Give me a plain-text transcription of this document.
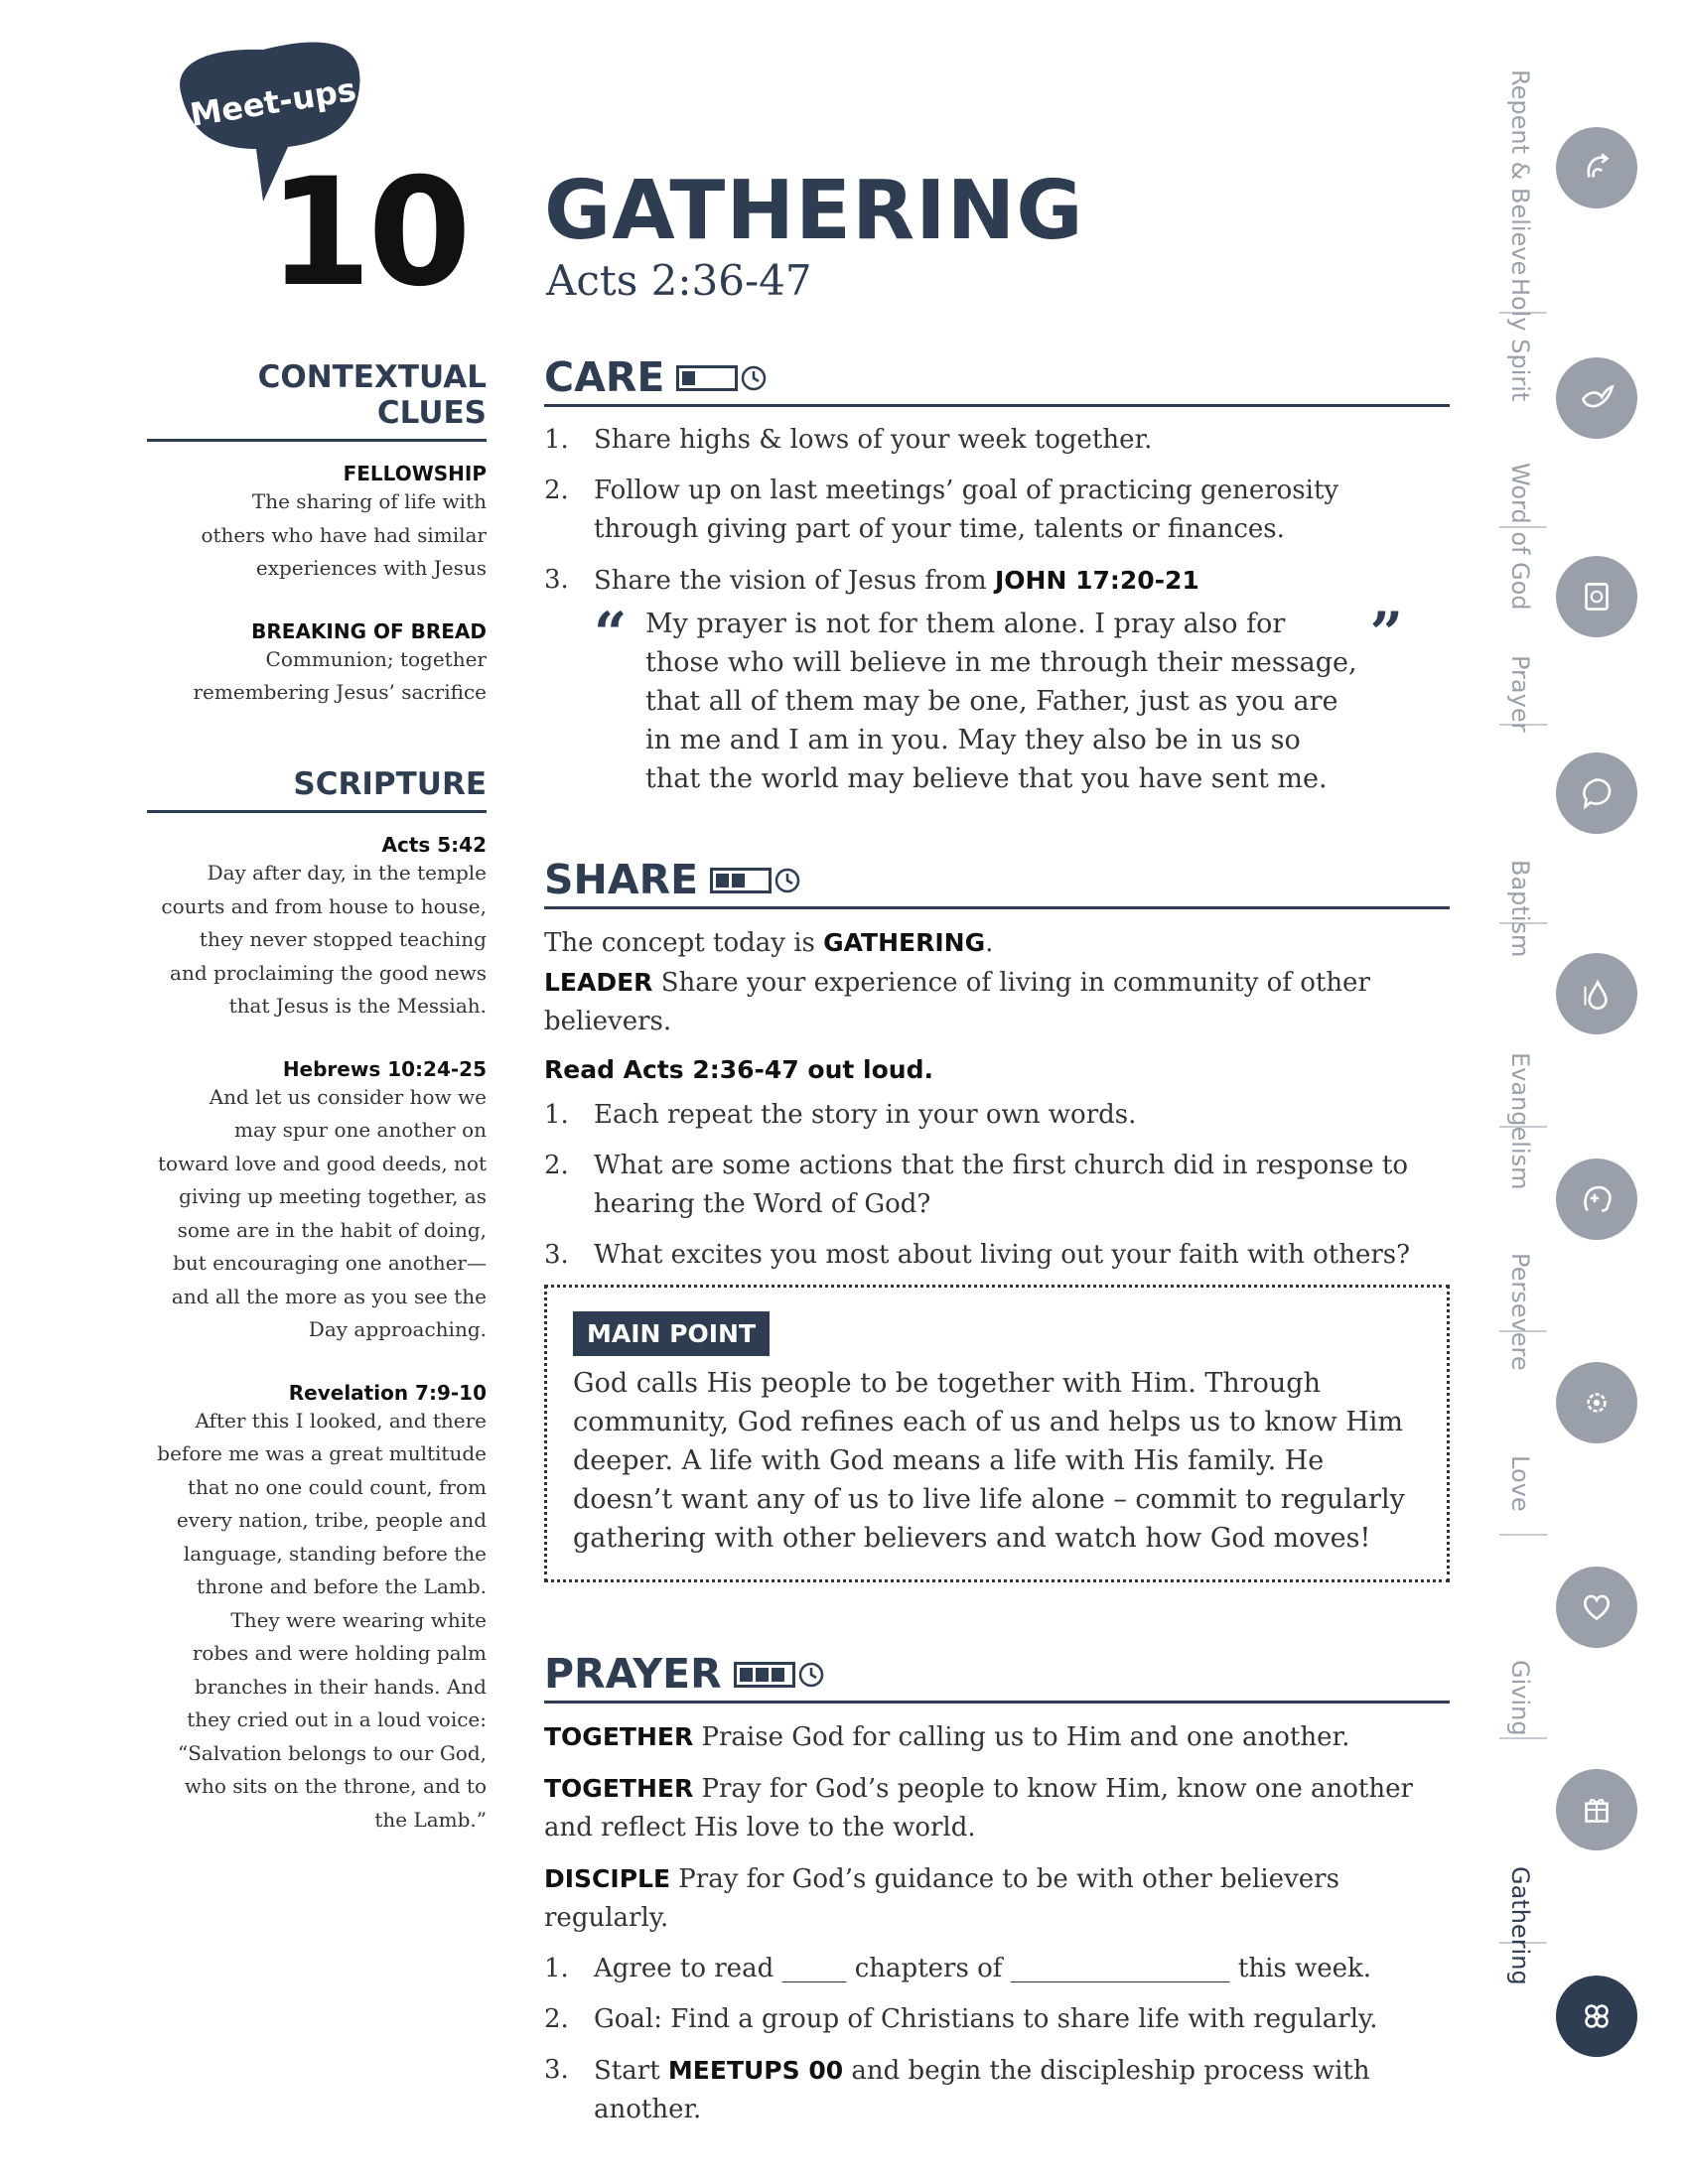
Meet-ups
10 GATHERING
Acts 2:36-47
CONTEXTUAL CLUES
FELLOWSHIP
The sharing of life with
others who have had similar
experiences with Jesus
BREAKING OF BREAD
Communion; together
remembering Jesus’ sacrifice
SCRIPTURE
Acts 5:42
Day after day, in the temple
courts and from house to house,
they never stopped teaching
and proclaiming the good news
that Jesus is the Messiah.
Hebrews 10:24-25
And let us consider how we
may spur one another on
toward love and good deeds, not
giving up meeting together, as
some are in the habit of doing,
but encouraging one another—
and all the more as you see the
Day approaching.
Revelation 7:9-10
After this I looked, and there
before me was a great multitude
that no one could count, from
every nation, tribe, people and
language, standing before the
throne and before the Lamb.
They were wearing white
robes and were holding palm
branches in their hands. And
they cried out in a loud voice:
“Salvation belongs to our God,
who sits on the throne, and to
the Lamb.”
CARE
1. Share highs & lows of your week together.
2. Follow up on last meetings’ goal of practicing generosity through giving part of your time, talents or finances.
3. Share the vision of Jesus from JOHN 17:20-21
“	”
My prayer is not for them alone. I pray also for those who will believe in me through their message, that all of them may be one, Father, just as you are in me and I am in you. May they also be in us so that the world may believe that you have sent me.
SHARE
The concept today is GATHERING.
LEADER Share your experience of living in community of other believers.
Read Acts 2:36-47 out loud.
1. Each repeat the story in your own words.
2. What are some actions that the first church did in response to hearing the Word of God?
3. What excites you most about living out your faith with others?
MAIN POINT
God calls His people to be together with Him. Through community, God refines each of us and helps us to know Him deeper. A life with God means a life with His family. He doesn’t want any of us to live life alone – commit to regularly gathering with other believers and watch how God moves!
PRAYER
TOGETHER Praise God for calling us to Him and one another.
TOGETHER Pray for God’s people to know Him, know one another and reflect His love to the world.
DISCIPLE Pray for God’s guidance to be with other believers regularly.
1. Agree to read _____ chapters of _________________ this week.
2. Goal: Find a group of Christians to share life with regularly.
3. Start MEETUPS 00 and begin the discipleship process with another.
Repent & Believe
Holy Spirit
Word of God
Prayer
Baptism
Evangelism
Persevere
Love
Giving
Gathering
